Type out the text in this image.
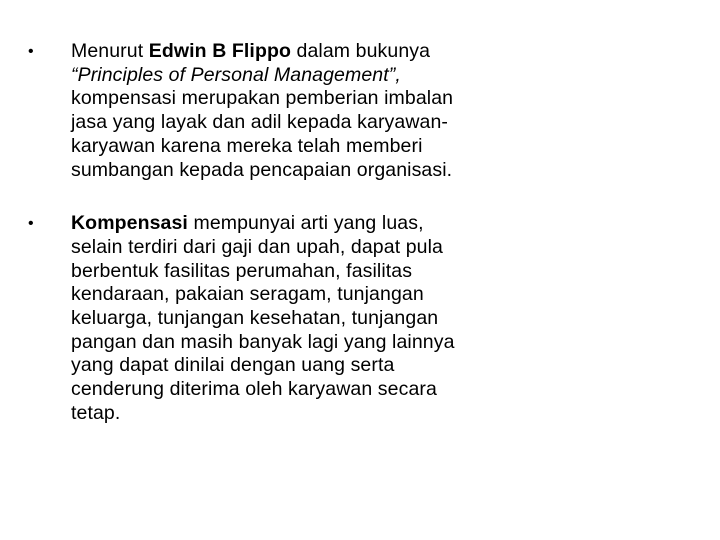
•	Menurut Edwin B Flippo dalam bukunya
“Principles of Personal Management”,
kompensasi merupakan pemberian imbalan
jasa yang layak dan adil kepada karyawan-
karyawan karena mereka telah memberi
sumbangan kepada pencapaian organisasi.
•	Kompensasi mempunyai arti yang luas,
selain terdiri dari gaji dan upah, dapat pula
berbentuk fasilitas perumahan, fasilitas
kendaraan, pakaian seragam, tunjangan
keluarga, tunjangan kesehatan, tunjangan
pangan dan masih banyak lagi yang lainnya
yang dapat dinilai dengan uang serta
cenderung diterima oleh karyawan secara
tetap.
